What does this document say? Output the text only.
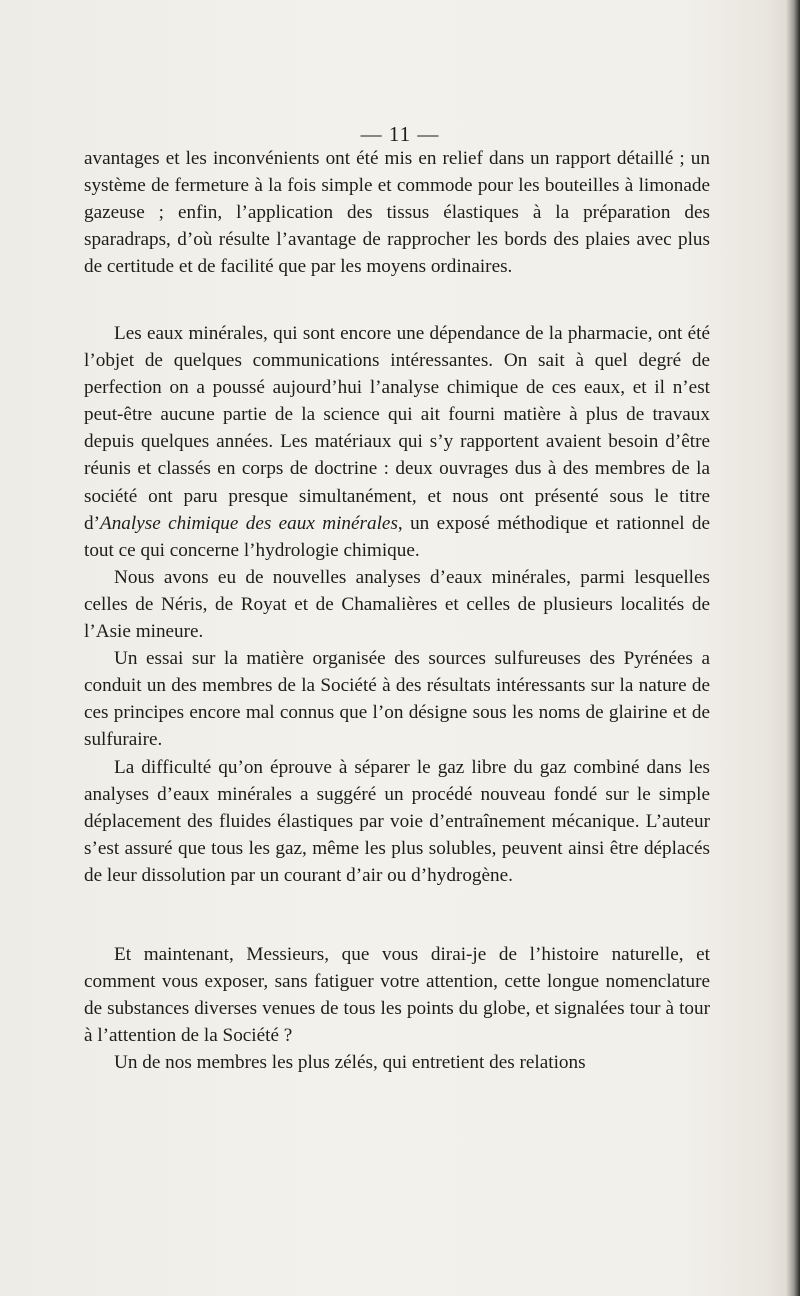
— 11 —

avantages et les inconvénients ont été mis en relief dans un rapport détaillé ; un système de fermeture à la fois simple et commode pour les bouteilles à limonade gazeuse ; enfin, l’application des tissus élastiques à la préparation des sparadraps, d’où résulte l’avantage de rapprocher les bords des plaies avec plus de certitude et de facilité que par les moyens ordinaires.

Les eaux minérales, qui sont encore une dépendance de la pharmacie, ont été l’objet de quelques communications intéressantes. On sait à quel degré de perfection on a poussé aujourd’hui l’analyse chimique de ces eaux, et il n’est peut-être aucune partie de la science qui ait fourni matière à plus de travaux depuis quelques années. Les matériaux qui s’y rapportent avaient besoin d’être réunis et classés en corps de doctrine : deux ouvrages dus à des membres de la société ont paru presque simultanément, et nous ont présenté sous le titre d’Analyse chimique des eaux minérales, un exposé méthodique et rationnel de tout ce qui concerne l’hydrologie chimique.

Nous avons eu de nouvelles analyses d’eaux minérales, parmi lesquelles celles de Néris, de Royat et de Chamalières et celles de plusieurs localités de l’Asie mineure.

Un essai sur la matière organisée des sources sulfureuses des Pyrénées a conduit un des membres de la Société à des résultats intéressants sur la nature de ces principes encore mal connus que l’on désigne sous les noms de glairine et de sulfuraire.

La difficulté qu’on éprouve à séparer le gaz libre du gaz combiné dans les analyses d’eaux minérales a suggéré un procédé nouveau fondé sur le simple déplacement des fluides élastiques par voie d’entraînement mécanique. L’auteur s’est assuré que tous les gaz, même les plus solubles, peuvent ainsi être déplacés de leur dissolution par un courant d’air ou d’hydrogène.

Et maintenant, Messieurs, que vous dirai-je de l’histoire naturelle, et comment vous exposer, sans fatiguer votre attention, cette longue nomenclature de substances diverses venues de tous les points du globe, et signalées tour à tour à l’attention de la Société ?

Un de nos membres les plus zélés, qui entretient des relations
